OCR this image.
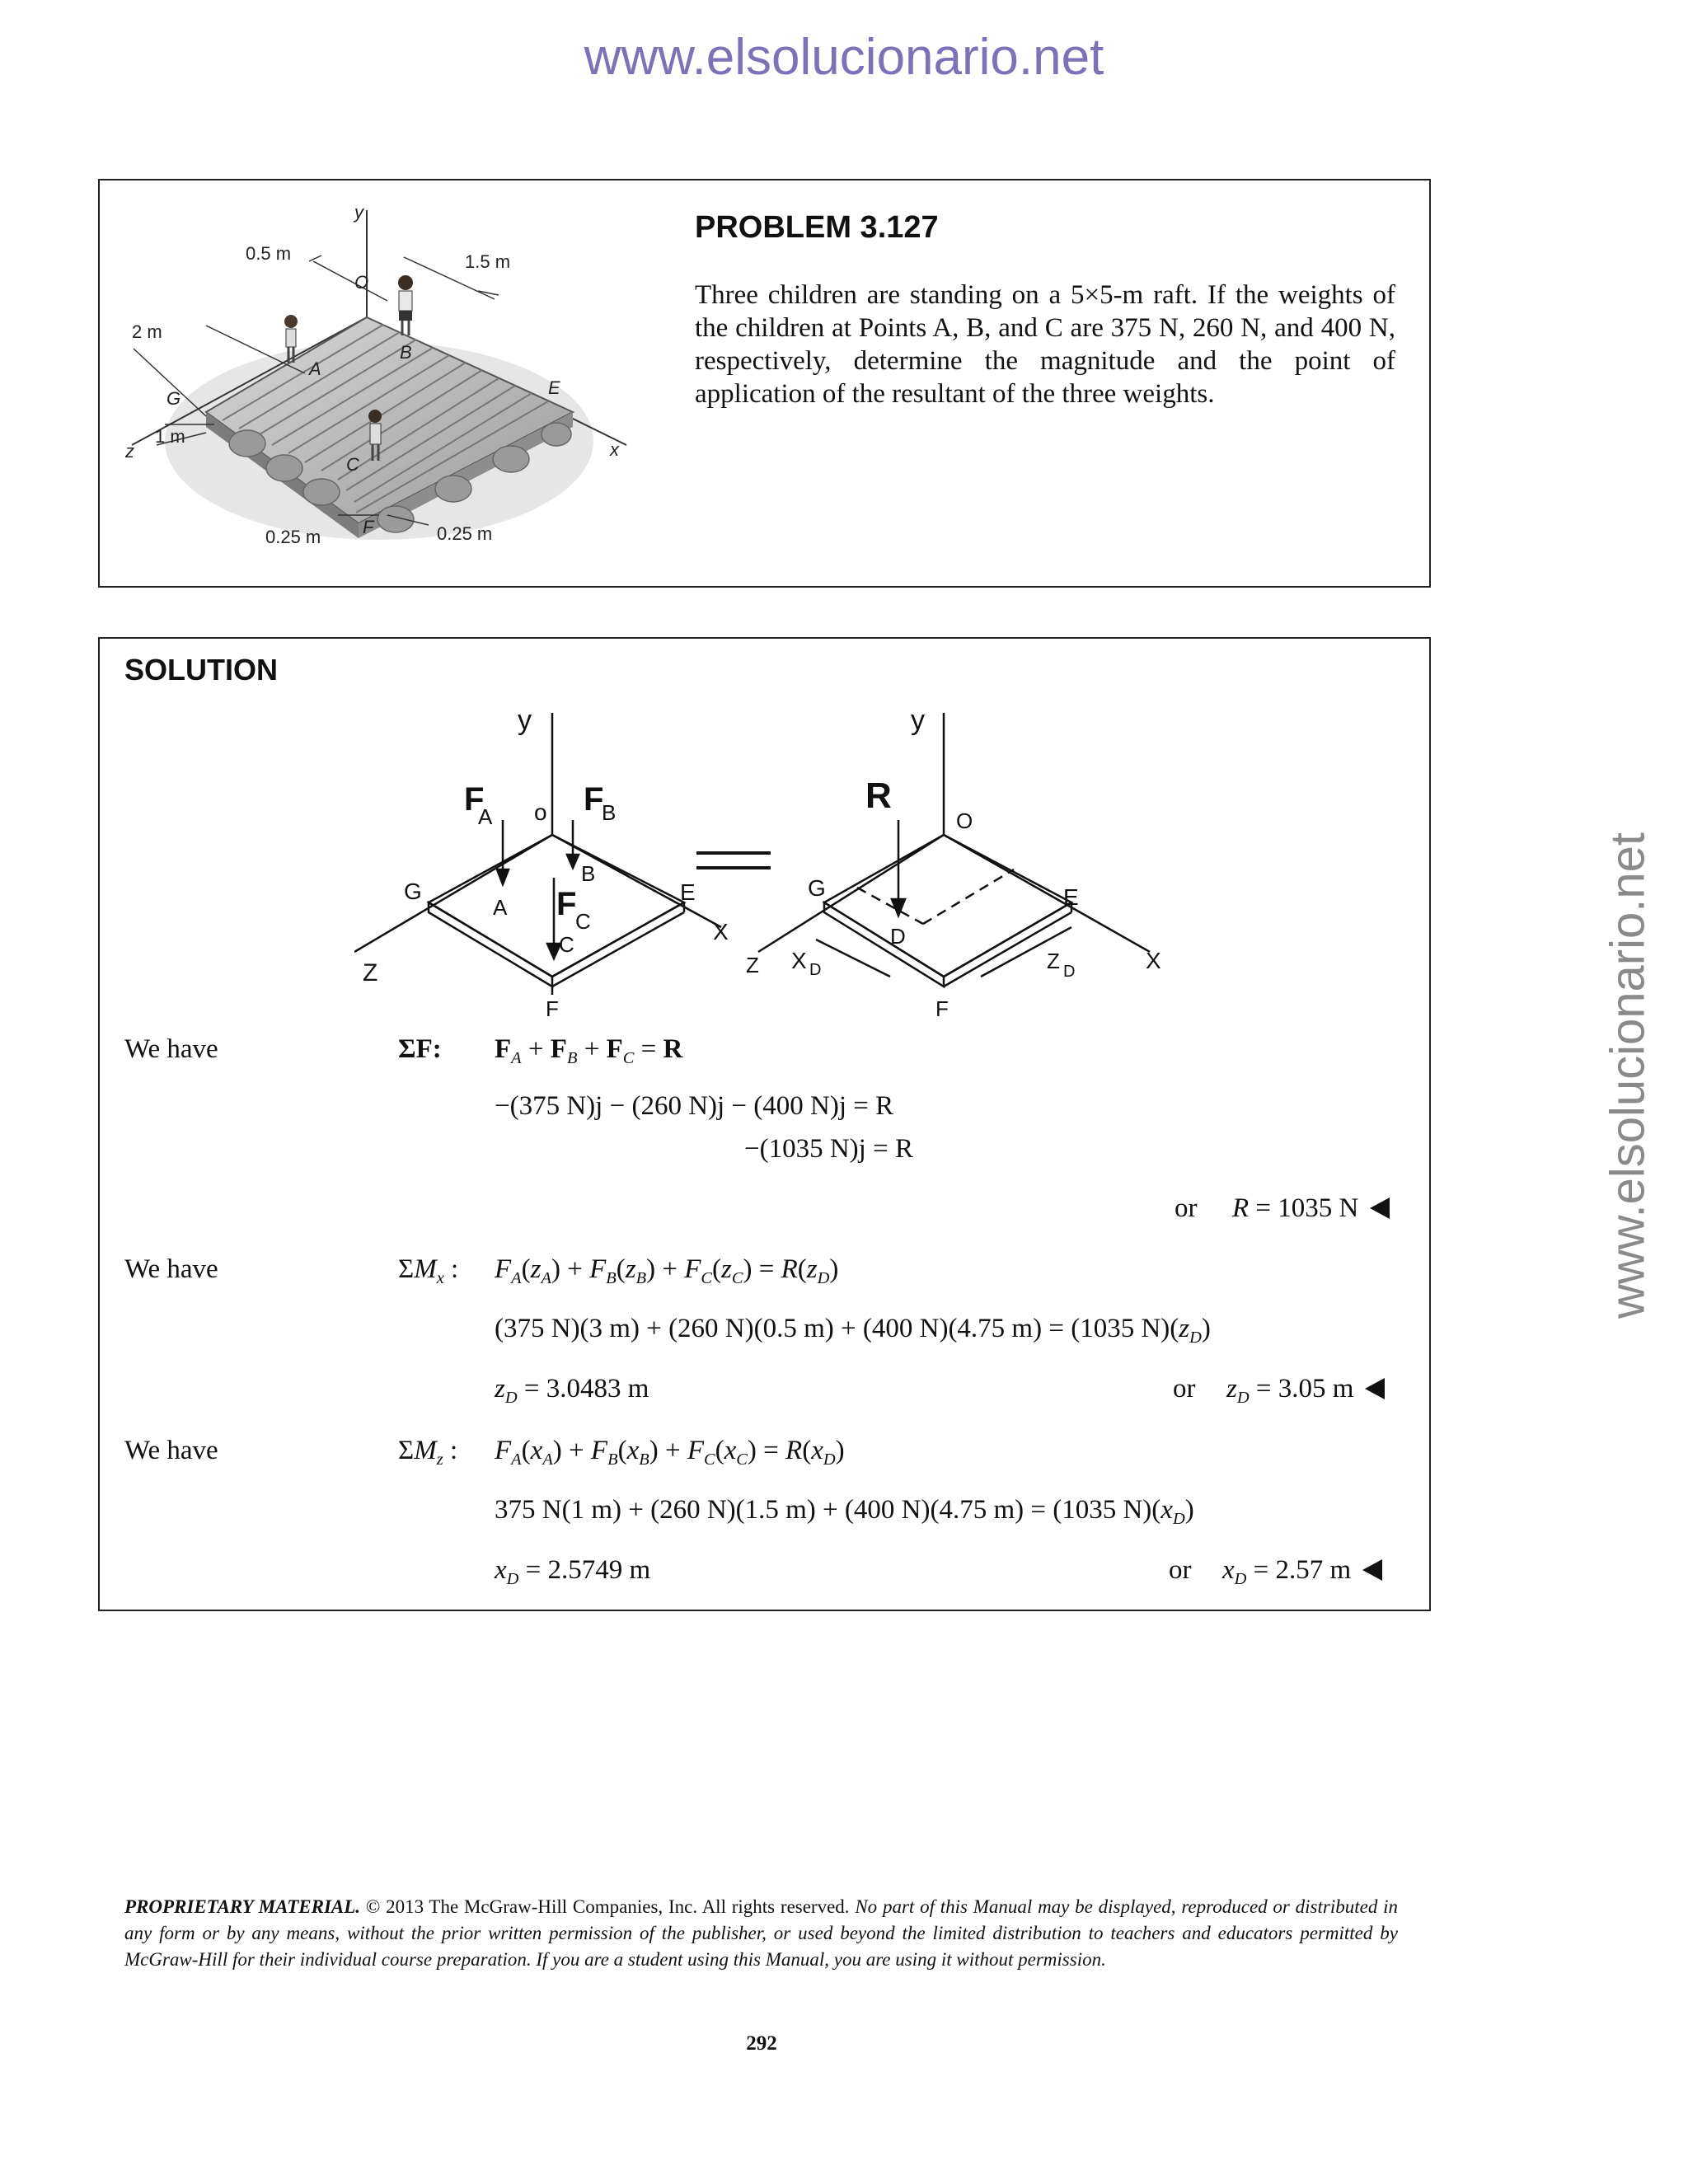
www.elsolucionario.net
www.elsolucionario.net
y
O
0.5 m	1.5 m
2 m
A
B
E
G
1 m
z	x
C
F
0.25 m	0.25 m
PROBLEM 3.127
Three children are standing on a 5×5-m raft. If the weights of the children at Points A, B, and C are 375 N, 260 N, and 400 N, respectively, determine the magnitude and the point of application of the resultant of the three weights.
SOLUTION
y
F
A o F
B
G
A
B
F
C
C
E
X
Z
F
y
R
O
G
D
E
X
Z X D	Z D
F
We have	ΣF: $F_A + F_B + F_C = R$
−(375 N)j − (260 N)j − (400 N)j = R
−(1035 N)j = R
or R = 1035 N
We have	$\Sigma M_x$ : $F_A(z_A) + F_B(z_B) + F_C(z_C) = R(z_D)$
(375 N)(3 m) + (260 N)(0.5 m) + (400 N)(4.75 m) = (1035 $N)(z_D)$
$z_D = 3.0483$ m	or $z_D = 3.05$ m
We have	$\Sigma M_z$ : $F_A(x_A) + F_B(x_B) + F_C(x_C) = R(x_D)$
375 N(1 m) + (260 N)(1.5 m) + (400 N)(4.75 m) = (1035 $N)(x_D)$
$x_D = 2.5749$ m	or $x_D = 2.57$ m
PROPRIETARY MATERIAL. © 2013 The McGraw-Hill Companies, Inc. All rights reserved. No part of this Manual may be displayed, reproduced or distributed in any form or by any means, without the prior written permission of the publisher, or used beyond the limited distribution to teachers and educators permitted by McGraw-Hill for their individual course preparation. If you are a student using this Manual, you are using it without permission.
292
